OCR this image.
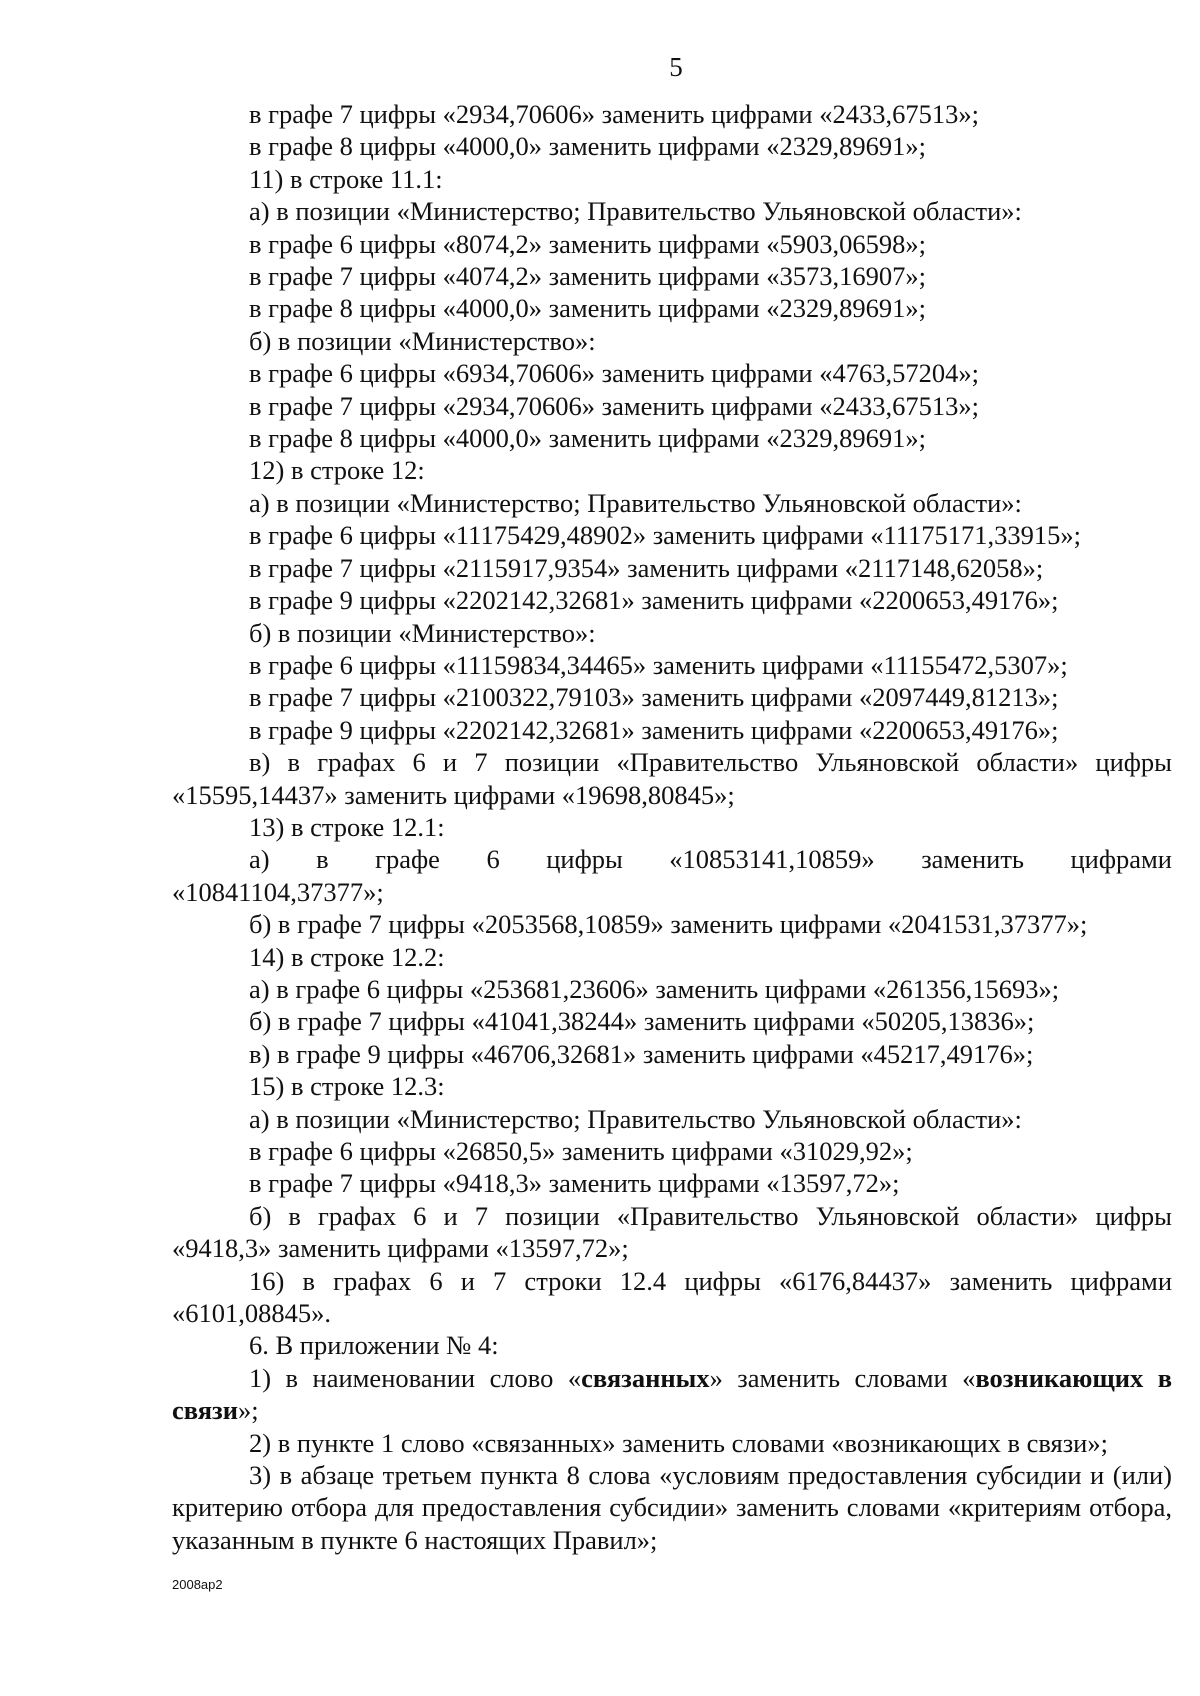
5

в графе 7 цифры «2934,70606» заменить цифрами «2433,67513»;

в графе 8 цифры «4000,0» заменить цифрами «2329,89691»;

11) в строке 11.1:

а) в позиции «Министерство; Правительство Ульяновской области»:

в графе 6 цифры «8074,2» заменить цифрами «5903,06598»;

в графе 7 цифры «4074,2» заменить цифрами «3573,16907»;

в графе 8 цифры «4000,0» заменить цифрами «2329,89691»;

б) в позиции «Министерство»:

в графе 6 цифры «6934,70606» заменить цифрами «4763,57204»;

в графе 7 цифры «2934,70606» заменить цифрами «2433,67513»;

в графе 8 цифры «4000,0» заменить цифрами «2329,89691»;

12) в строке 12:

а) в позиции «Министерство; Правительство Ульяновской области»:

в графе 6 цифры «11175429,48902» заменить цифрами «11175171,33915»;

в графе 7 цифры «2115917,9354» заменить цифрами «2117148,62058»;

в графе 9 цифры «2202142,32681» заменить цифрами «2200653,49176»;

б) в позиции «Министерство»:

в графе 6 цифры «11159834,34465» заменить цифрами «11155472,5307»;

в графе 7 цифры «2100322,79103» заменить цифрами «2097449,81213»;

в графе 9 цифры «2202142,32681» заменить цифрами «2200653,49176»;

в) в графах 6 и 7 позиции «Правительство Ульяновской области» цифры «15595,14437» заменить цифрами «19698,80845»;

13) в строке 12.1:

а) в графе 6 цифры «10853141,10859» заменить цифрами «10841104,37377»;

б) в графе 7 цифры «2053568,10859» заменить цифрами «2041531,37377»;

14) в строке 12.2:

а) в графе 6 цифры «253681,23606» заменить цифрами «261356,15693»;

б) в графе 7 цифры «41041,38244» заменить цифрами «50205,13836»;

в) в графе 9 цифры «46706,32681» заменить цифрами «45217,49176»;

15) в строке 12.3:

а) в позиции «Министерство; Правительство Ульяновской области»:

в графе 6 цифры «26850,5» заменить цифрами «31029,92»;

в графе 7 цифры «9418,3» заменить цифрами «13597,72»;

б) в графах 6 и 7 позиции «Правительство Ульяновской области» цифры «9418,3» заменить цифрами «13597,72»;

16) в графах 6 и 7 строки 12.4 цифры «6176,84437» заменить цифрами «6101,08845».

6. В приложении № 4:

1) в наименовании слово «связанных» заменить словами «возникающих в связи»;

2) в пункте 1 слово «связанных» заменить словами «возникающих в связи»;

3) в абзаце третьем пункта 8 слова «условиям предоставления субсидии и (или) критерию отбора для предоставления субсидии» заменить словами «критериям отбора, указанным в пункте 6 настоящих Правил»;

2008ap2
